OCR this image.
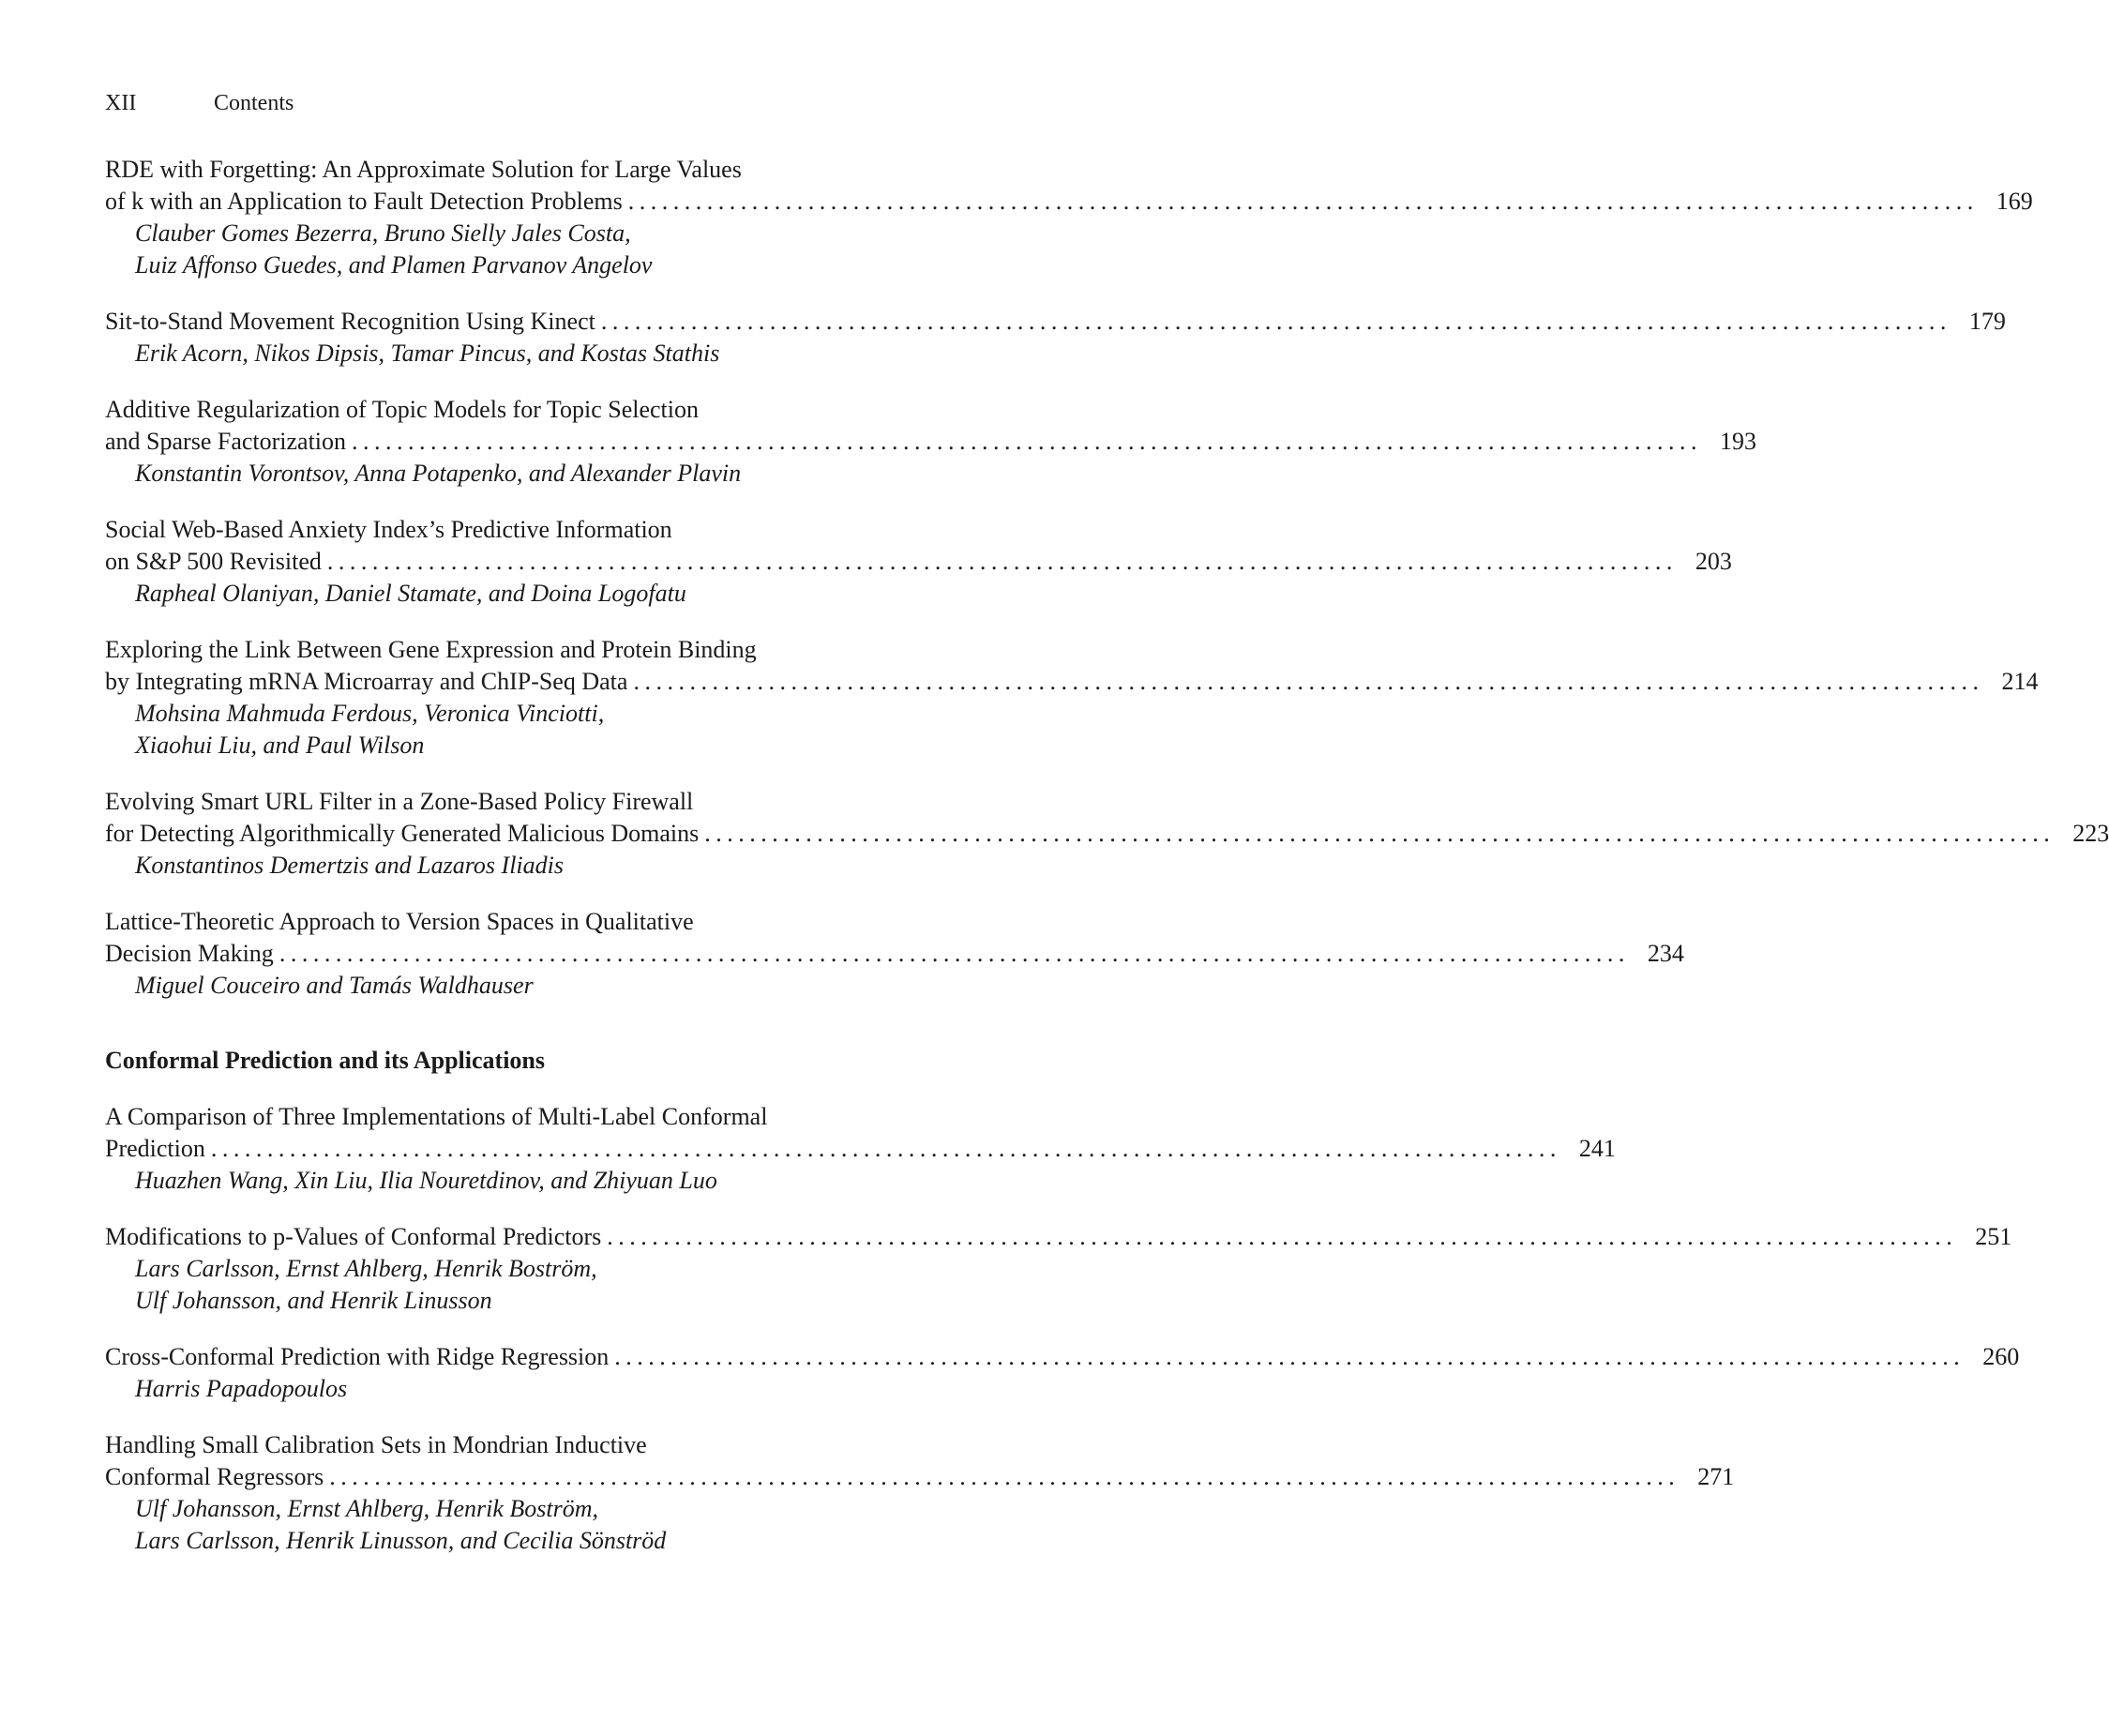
XII	Contents
RDE with Forgetting: An Approximate Solution for Large Values
of k with an Application to Fault Detection Problems ........................................................................................................................ 169
Clauber Gomes Bezerra, Bruno Sielly Jales Costa,
Luiz Affonso Guedes, and Plamen Parvanov Angelov
Sit-to-Stand Movement Recognition Using Kinect ........................................................................................................................ 179
Erik Acorn, Nikos Dipsis, Tamar Pincus, and Kostas Stathis
Additive Regularization of Topic Models for Topic Selection
and Sparse Factorization ........................................................................................................................ 193
Konstantin Vorontsov, Anna Potapenko, and Alexander Plavin
Social Web-Based Anxiety Index’s Predictive Information
on S&P 500 Revisited ........................................................................................................................ 203
Rapheal Olaniyan, Daniel Stamate, and Doina Logofatu
Exploring the Link Between Gene Expression and Protein Binding
by Integrating mRNA Microarray and ChIP-Seq Data ........................................................................................................................ 214
Mohsina Mahmuda Ferdous, Veronica Vinciotti,
Xiaohui Liu, and Paul Wilson
Evolving Smart URL Filter in a Zone-Based Policy Firewall
for Detecting Algorithmically Generated Malicious Domains ........................................................................................................................ 223
Konstantinos Demertzis and Lazaros Iliadis
Lattice-Theoretic Approach to Version Spaces in Qualitative
Decision Making ........................................................................................................................ 234
Miguel Couceiro and Tamás Waldhauser
Conformal Prediction and its Applications
A Comparison of Three Implementations of Multi-Label Conformal
Prediction ........................................................................................................................ 241
Huazhen Wang, Xin Liu, Ilia Nouretdinov, and Zhiyuan Luo
Modifications to p-Values of Conformal Predictors ........................................................................................................................ 251
Lars Carlsson, Ernst Ahlberg, Henrik Boström,
Ulf Johansson, and Henrik Linusson
Cross-Conformal Prediction with Ridge Regression ........................................................................................................................ 260
Harris Papadopoulos
Handling Small Calibration Sets in Mondrian Inductive
Conformal Regressors ........................................................................................................................ 271
Ulf Johansson, Ernst Ahlberg, Henrik Boström,
Lars Carlsson, Henrik Linusson, and Cecilia Sönströd
